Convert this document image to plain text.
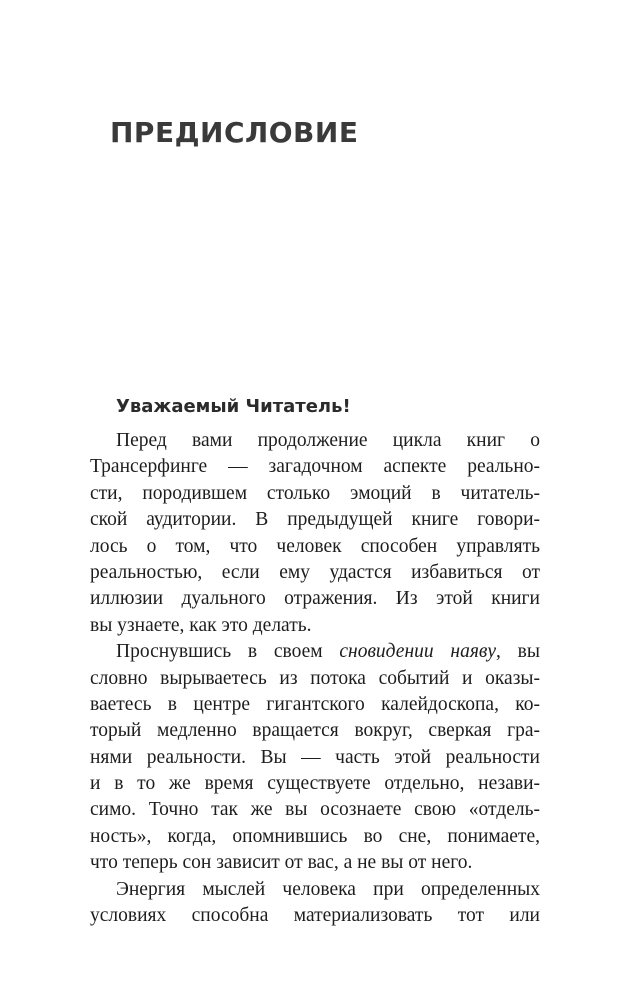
ПРЕДИСЛОВИЕ
Уважаемый Читатель!
Перед вами продолжение цикла книг о
Трансерфинге — загадочном аспекте реально-
сти, породившем столько эмоций в читатель-
ской аудитории. В предыдущей книге говори-
лось о том, что человек способен управлять
реальностью, если ему удастся избавиться от
иллюзии дуального отражения. Из этой книги
вы узнаете, как это делать.
Проснувшись в своем сновидении наяву, вы
словно вырываетесь из потока событий и оказы-
ваетесь в центре гигантского калейдоскопа, ко-
торый медленно вращается вокруг, сверкая гра-
нями реальности. Вы — часть этой реальности
и в то же время существуете отдельно, незави-
симо. Точно так же вы осознаете свою «отдель-
ность», когда, опомнившись во сне, понимаете,
что теперь сон зависит от вас, а не вы от него.
Энергия мыслей человека при определенных
условиях способна материализовать тот или
